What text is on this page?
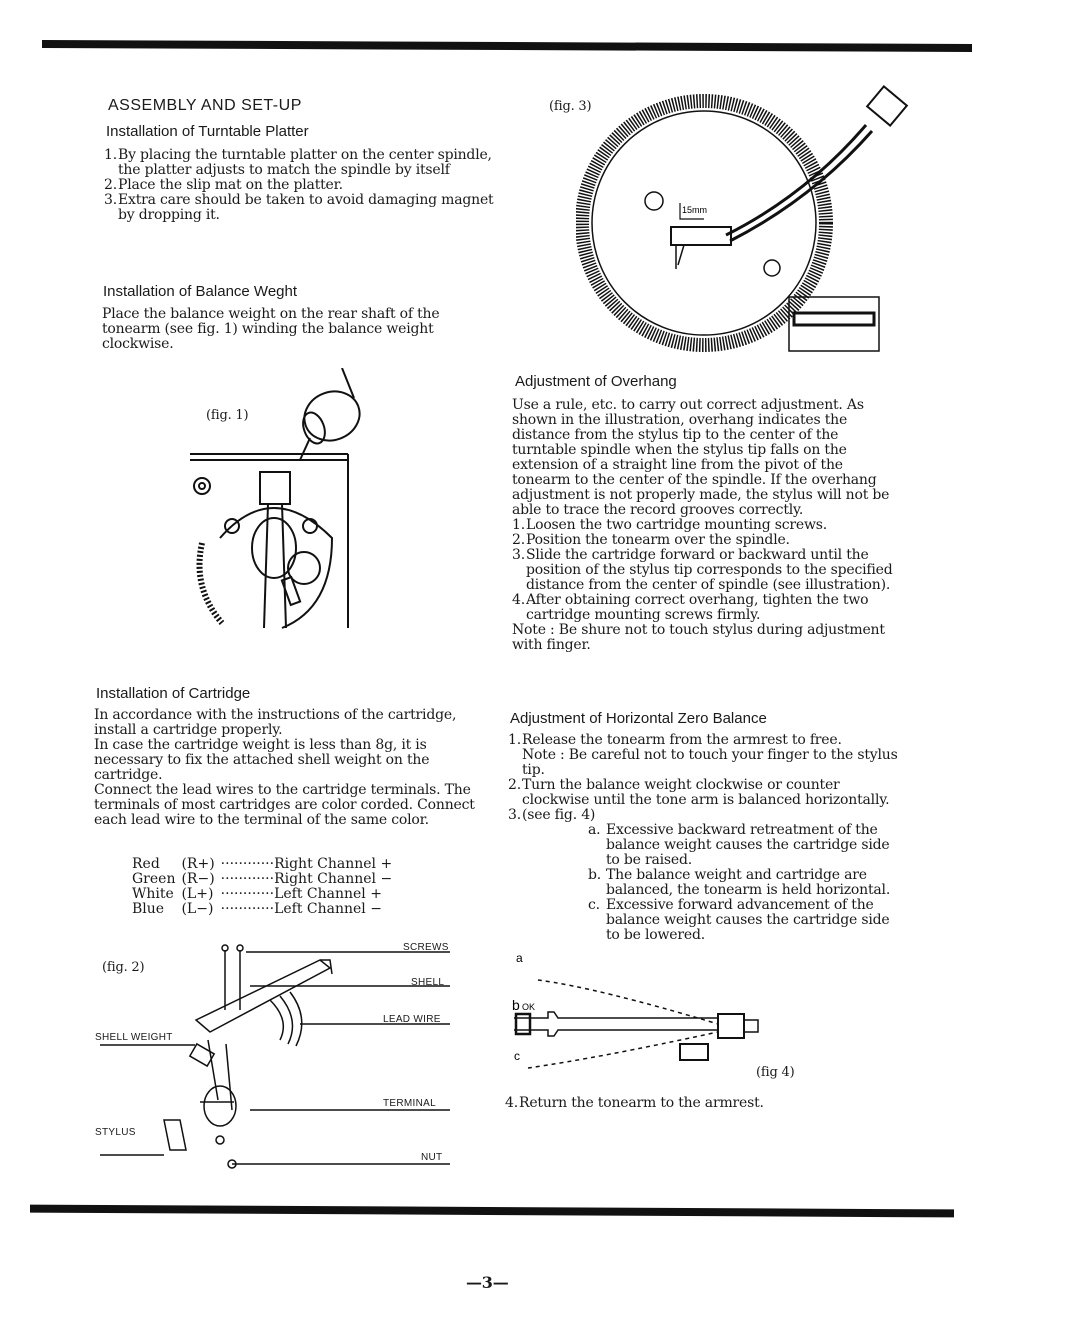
ASSEMBLY AND SET-UP
Installation of Turntable Platter
1. By placing the turntable platter on the center spindle, the platter adjusts to match the spindle by itself
2. Place the slip mat on the platter.
3. Extra care should be taken to avoid damaging magnet by dropping it.
Installation of Balance Weght

Place the balance weight on the rear shaft of the tonearm (see fig. 1) winding the balance weight clockwise.

(fig. 1)
Installation of Cartridge

In accordance with the instructions of the cartridge, install a cartridge properly.

In case the cartridge weight is less than 8g, it is necessary to fix the attached shell weight on the cartridge.

Connect the lead wires to the cartridge terminals. The terminals of most cartridges are color corded. Connect each lead wire to the terminal of the same color.

Red	(R+)	············Right Channel +
Green	(R−)	············Right Channel −
White	(L+)	············Left Channel +
Blue	(L−)	············Left Channel −
(fig. 2)
SCREWS
SHELL
LEAD WIRE
SHELL WEIGHT
TERMINAL
STYLUS
NUT
(fig. 3)
15mm
Adjustment of Overhang

Use a rule, etc. to carry out correct adjustment. As shown in the illustration, overhang indicates the distance from the stylus tip to the center of the turntable spindle when the stylus tip falls on the extension of a straight line from the pivot of the tonearm to the center of the spindle. If the overhang adjustment is not properly made, the stylus will not be able to trace the record grooves correctly.

1. Loosen the two cartridge mounting screws.
2. Position the tonearm over the spindle.
3. Slide the cartridge forward or backward until the position of the stylus tip corresponds to the specified distance from the center of spindle (see illustration).
4. After obtaining correct overhang, tighten the two cartridge mounting screws firmly.

Note : Be shure not to touch stylus during adjustment with finger.

Adjustment of Horizontal Zero Balance
1. Release the tonearm from the armrest to free.
Note : Be careful not to touch your finger to the stylus tip.
2. Turn the balance weight clockwise or counter clockwise until the tone arm is balanced horizontally.
3. (see fig. 4)
a. Excessive backward retreatment of the balance weight causes the cartridge side to be raised.
b. The balance weight and cartridge are balanced, the tonearm is held horizontal.
c. Excessive forward advancement of the balance weight causes the cartridge side to be lowered.
a
b OK
c
(fig 4)
4. Return the tonearm to the armrest.
—3—
